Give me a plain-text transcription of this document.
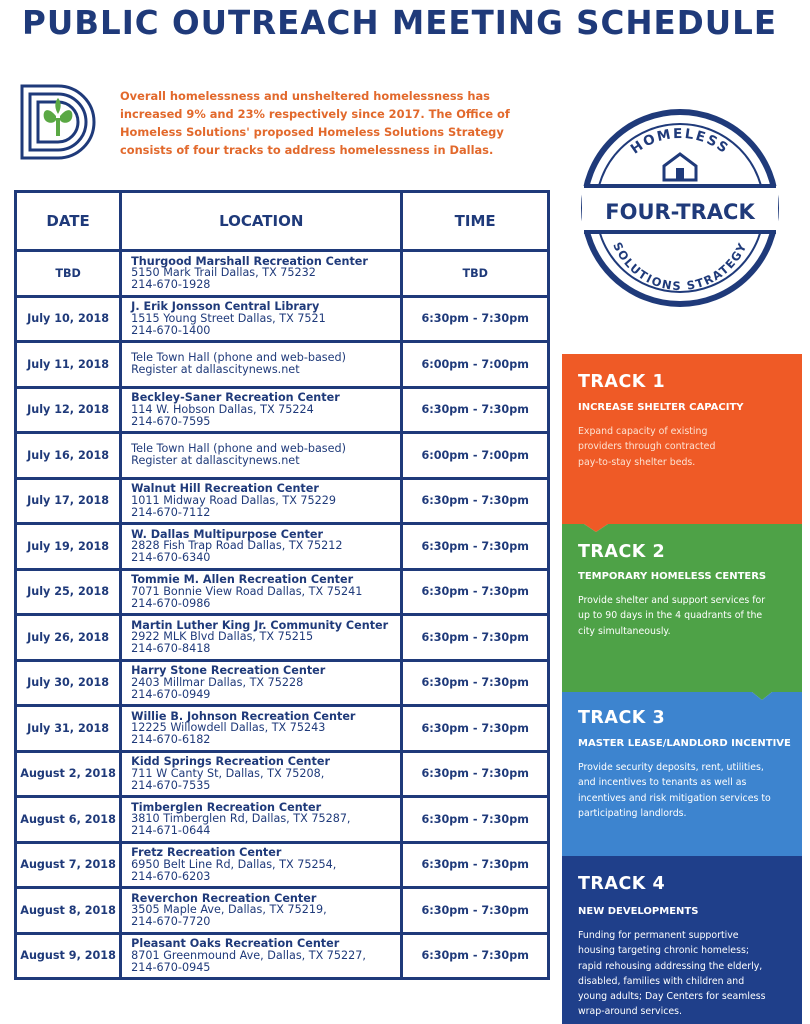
PUBLIC OUTREACH MEETING SCHEDULE
Overall homelessness and unsheltered homelessness has
increased 9% and 23% respectively since 2017. The Office of
Homeless Solutions' proposed Homeless Solutions Strategy
consists of four tracks to address homelessness in Dallas.	HOMELESS
SOLUTIONS STRATEGY
FOUR-TRACK
DATE	LOCATION	TIME
TBD	Thurgood Marshall Recreation Center
5150 Mark Trail Dallas, TX 75232
214-670-1928	TBD
July 10, 2018	J. Erik Jonsson Central Library
1515 Young Street Dallas, TX 7521
214-670-1400	6:30pm - 7:30pm
July 11, 2018	Tele Town Hall (phone and web-based)
Register at dallascitynews.net	6:00pm - 7:00pm
July 12, 2018	Beckley-Saner Recreation Center
114 W. Hobson Dallas, TX 75224
214-670-7595	6:30pm - 7:30pm
July 16, 2018	Tele Town Hall (phone and web-based)
Register at dallascitynews.net	6:00pm - 7:00pm
July 17, 2018	Walnut Hill Recreation Center
1011 Midway Road Dallas, TX 75229
214-670-7112	6:30pm - 7:30pm
July 19, 2018	W. Dallas Multipurpose Center
2828 Fish Trap Road Dallas, TX 75212
214-670-6340	6:30pm - 7:30pm
July 25, 2018	Tommie M. Allen Recreation Center
7071 Bonnie View Road Dallas, TX 75241
214-670-0986	6:30pm - 7:30pm
July 26, 2018	Martin Luther King Jr. Community Center
2922 MLK Blvd Dallas, TX 75215
214-670-8418	6:30pm - 7:30pm
July 30, 2018	Harry Stone Recreation Center
2403 Millmar Dallas, TX 75228
214-670-0949	6:30pm - 7:30pm
July 31, 2018	Willie B. Johnson Recreation Center
12225 Willowdell Dallas, TX 75243
214-670-6182	6:30pm - 7:30pm
August 2, 2018	Kidd Springs Recreation Center
711 W Canty St, Dallas, TX 75208,
214-670-7535	6:30pm - 7:30pm
August 6, 2018	Timberglen Recreation Center
3810 Timberglen Rd, Dallas, TX 75287,
214-671-0644	6:30pm - 7:30pm
August 7, 2018	Fretz Recreation Center
6950 Belt Line Rd, Dallas, TX 75254,
214-670-6203	6:30pm - 7:30pm
August 8, 2018	Reverchon Recreation Center
3505 Maple Ave, Dallas, TX 75219,
214-670-7720	6:30pm - 7:30pm
August 9, 2018	Pleasant Oaks Recreation Center
8701 Greenmound Ave, Dallas, TX 75227,
214-670-0945	6:30pm - 7:30pm
TRACK 1
INCREASE SHELTER CAPACITY
Expand capacity of existing
providers through contracted
pay-to-stay shelter beds.
TRACK 2
TEMPORARY HOMELESS CENTERS
Provide shelter and support services for
up to 90 days in the 4 quadrants of the
city simultaneously.
TRACK 3
MASTER LEASE/LANDLORD INCENTIVE
Provide security deposits, rent, utilities,
and incentives to tenants as well as
incentives and risk mitigation services to
participating landlords.
TRACK 4
NEW DEVELOPMENTS
Funding for permanent supportive
housing targeting chronic homeless;
rapid rehousing addressing the elderly,
disabled, families with children and
young adults; Day Centers for seamless
wrap-around services.
